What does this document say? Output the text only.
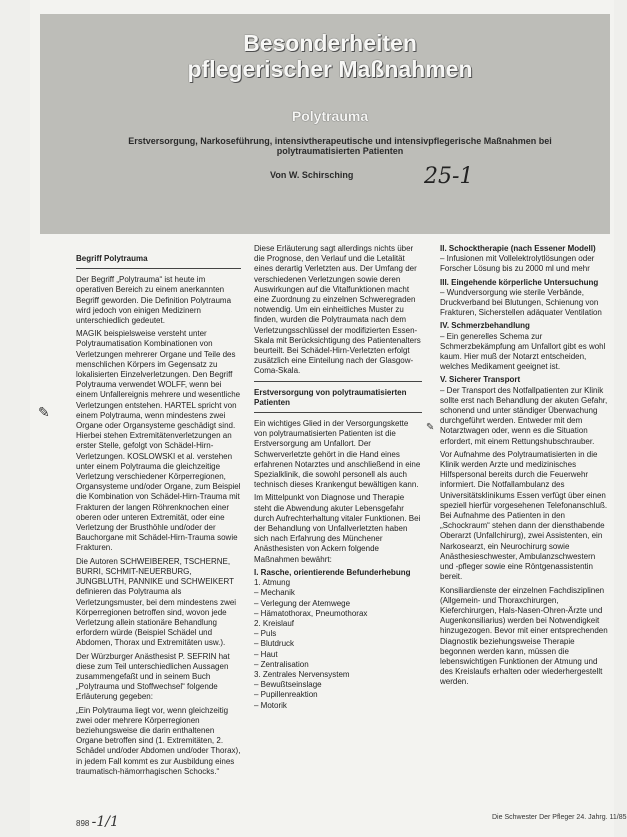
Besonderheiten
pflegerischer Maßnahmen
Polytrauma
Erstversorgung, Narkoseführung, intensivtherapeutische und intensivpflegerische Maßnahmen bei polytraumatisierten Patienten
Von W. Schirsching	25-1
✎
Begriff Polytrauma

Der Begriff „Polytrauma“ ist heute im operativen Bereich zu einem anerkannten Begriff geworden. Die Definition Polytrauma wird jedoch von einigen Medizinern unterschiedlich gedeutet.

MAGIK beispielsweise versteht unter Polytraumatisation Kombinationen von Verletzungen mehrerer Organe und Teile des menschlichen Körpers im Gegensatz zu lokalisierten Einzelverletzungen. Den Begriff Polytrauma verwendet WOLFF, wenn bei einem Unfallereignis mehrere und wesentliche Verletzungen entstehen. HARTEL spricht von einem Polytrauma, wenn mindestens zwei Organe oder Organsysteme geschädigt sind. Hierbei stehen Extremitätenverletzungen an erster Stelle, gefolgt von Schädel-Hirn-Verletzungen. KOSLOWSKI et al. verstehen unter einem Polytrauma die gleichzeitige Verletzung verschiedener Körperregionen, Organsysteme und/oder Organe, zum Beispiel die Kombination von Schädel-Hirn-Trauma mit Frakturen der langen Röhrenknochen einer oberen oder unteren Extremität, oder eine Verletzung der Brusthöhle und/oder der Bauchorgane mit Schädel-Hirn-Trauma sowie Frakturen.

Die Autoren SCHWEIBERER, TSCHERNE, BURRI, SCHMIT-NEUERBURG, JUNGBLUTH, PANNIKE und SCHWEIKERT definieren das Polytrauma als Verletzungsmuster, bei dem mindestens zwei Körperregionen betroffen sind, wovon jede Verletzung allein stationäre Behandlung erfordern würde (Beispiel Schädel und Abdomen, Thorax und Extremitäten usw.).

Der Würzburger Anästhesist P. SEFRIN hat diese zum Teil unterschiedlichen Aussagen zusammengefaßt und in seinem Buch „Polytrauma und Stoffwechsel“ folgende Erläuterung gegeben:

„Ein Polytrauma liegt vor, wenn gleichzeitig zwei oder mehrere Körperregionen beziehungsweise die darin enthaltenen Organe betroffen sind (1. Extremitäten, 2. Schädel und/oder Abdomen und/oder Thorax), in jedem Fall kommt es zur Ausbildung eines traumatisch-hämorrhagischen Schocks.“

Diese Erläuterung sagt allerdings nichts über die Prognose, den Verlauf und die Letalität eines derartig Verletzten aus. Der Umfang der verschiedenen Verletzungen sowie deren Auswirkungen auf die Vitalfunktionen macht eine Zuordnung zu einzelnen Schweregraden notwendig. Um ein einheitliches Muster zu finden, wurden die Polytraumata nach dem Verletzungsschlüssel der modifizierten Essen-Skala mit Berücksichtigung des Patientenalters beurteilt. Bei Schädel-Hirn-Verletzten erfolgt zusätzlich eine Einteilung nach der Glasgow-Coma-Skala.

Erstversorgung von polytraumatisierten Patienten

Ein wichtiges Glied in der Versorgungskette von polytraumatisierten Patienten ist die Erstversorgung am Unfallort. Der Schwerverletzte gehört in die Hand eines erfahrenen Notarztes und anschließend in eine Spezialklinik, die sowohl personell als auch technisch dieses Krankengut bewältigen kann.

Im Mittelpunkt von Diagnose und Therapie steht die Abwendung akuter Lebensgefahr durch Aufrechterhaltung vitaler Funktionen. Bei der Behandlung von Unfallverletzten haben sich nach Erfahrung des Münchener Anästhesisten von Ackern folgende Maßnahmen bewährt:

I. Rasche, orientierende Befunderhebung
1. Atmung
– Mechanik
– Verlegung der Atemwege
– Hämatothorax, Pneumothorax
2. Kreislauf
– Puls
– Blutdruck
– Haut
– Zentralisation
3. Zentrales Nervensystem
– Bewußtseinslage
– Pupillenreaktion
– Motorik
II. Schocktherapie (nach Essener Modell)

– Infusionen mit Vollelektrolytlösungen oder Forscher Lösung bis zu 2000 ml und mehr

III. Eingehende körperliche Untersuchung

– Wundversorgung wie sterile Verbände, Druckverband bei Blutungen, Schienung von Frakturen, Sicherstellen adäquater Ventilation

IV. Schmerzbehandlung

– Ein generelles Schema zur Schmerzbekämpfung am Unfallort gibt es wohl kaum. Hier muß der Notarzt entscheiden, welches Medikament geeignet ist.

V. Sicherer Transport

– Der Transport des Notfallpatienten zur Klinik sollte erst nach Behandlung der akuten Gefahr, schonend und unter ständiger Überwachung durchgeführt werden. Entweder mit dem Notarztwagen oder, wenn es die Situation erfordert, mit einem Rettungshubschrauber.

Vor Aufnahme des Polytraumatisierten in die Klinik werden Arzte und medizinisches Hilfspersonal bereits durch die Feuerwehr informiert. Die Notfallambulanz des Universitätsklinikums Essen verfügt über einen speziell hierfür vorgesehenen Telefonanschluß. Bei Aufnahme des Patienten in den „Schockraum“ stehen dann der diensthabende Oberarzt (Unfallchirurg), zwei Assistenten, ein Narkosearzt, ein Neurochirurg sowie Anästhesieschwester, Ambulanzschwestern und -pfleger sowie eine Röntgenassistentin bereit.

Konsiliardienste der einzelnen Fachdisziplinen (Allgemein- und Thoraxchirurgen, Kieferchirurgen, Hals-Nasen-Ohren-Ärzte und Augenkonsiliarius) werden bei Notwendigkeit hinzugezogen. Bevor mit einer entsprechenden Diagnostik beziehungsweise Therapie begonnen werden kann, müssen die lebenswichtigen Funktionen der Atmung und des Kreislaufs erhalten oder wiederhergestellt werden.

✎
898 -1/1	Die Schwester Der Pfleger 24. Jahrg. 11/85
